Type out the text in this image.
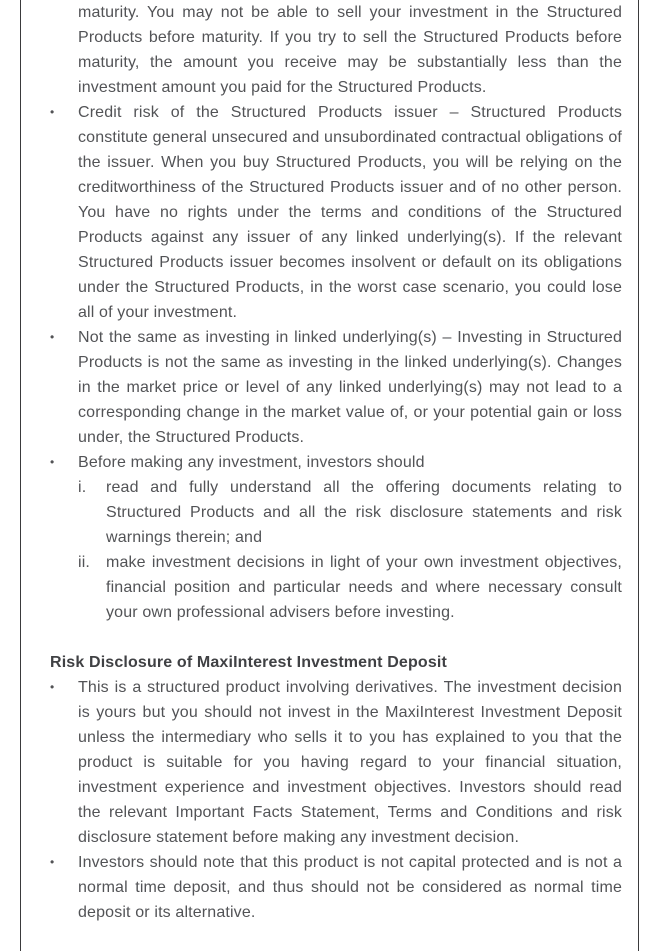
maturity. You may not be able to sell your investment in the Structured Products before maturity. If you try to sell the Structured Products before maturity, the amount you receive may be substantially less than the investment amount you paid for the Structured Products.
•	Credit risk of the Structured Products issuer – Structured Products constitute general unsecured and unsubordinated contractual obligations of the issuer. When you buy Structured Products, you will be relying on the creditworthiness of the Structured Products issuer and of no other person. You have no rights under the terms and conditions of the Structured Products against any issuer of any linked underlying(s). If the relevant Structured Products issuer becomes insolvent or default on its obligations under the Structured Products, in the worst case scenario, you could lose all of your investment.
•	Not the same as investing in linked underlying(s) – Investing in Structured Products is not the same as investing in the linked underlying(s). Changes in the market price or level of any linked underlying(s) may not lead to a corresponding change in the market value of, or your potential gain or loss under, the Structured Products.
•	Before making any investment, investors should
i.	read and fully understand all the offering documents relating to Structured Products and all the risk disclosure statements and risk warnings therein; and
ii. make investment decisions in light of your own investment objectives, financial position and particular needs and where necessary consult your own professional advisers before investing.
Risk Disclosure of MaxiInterest Investment Deposit
•	This is a structured product involving derivatives. The investment decision is yours but you should not invest in the MaxiInterest Investment Deposit unless the intermediary who sells it to you has explained to you that the product is suitable for you having regard to your financial situation, investment experience and investment objectives. Investors should read the relevant Important Facts Statement, Terms and Conditions and risk disclosure statement before making any investment decision.
•	Investors should note that this product is not capital protected and is not a normal time deposit, and thus should not be considered as normal time deposit or its alternative.
